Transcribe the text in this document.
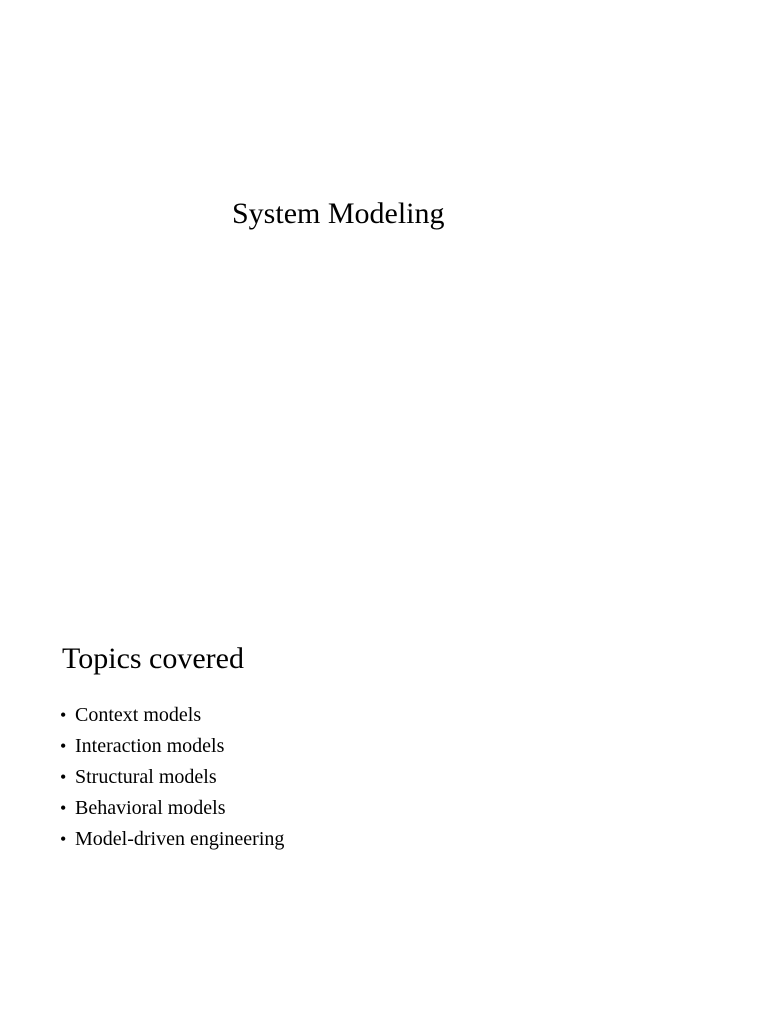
System Modeling
Topics covered
• Context models
• Interaction models
• Structural models
• Behavioral models
• Model-driven engineering
